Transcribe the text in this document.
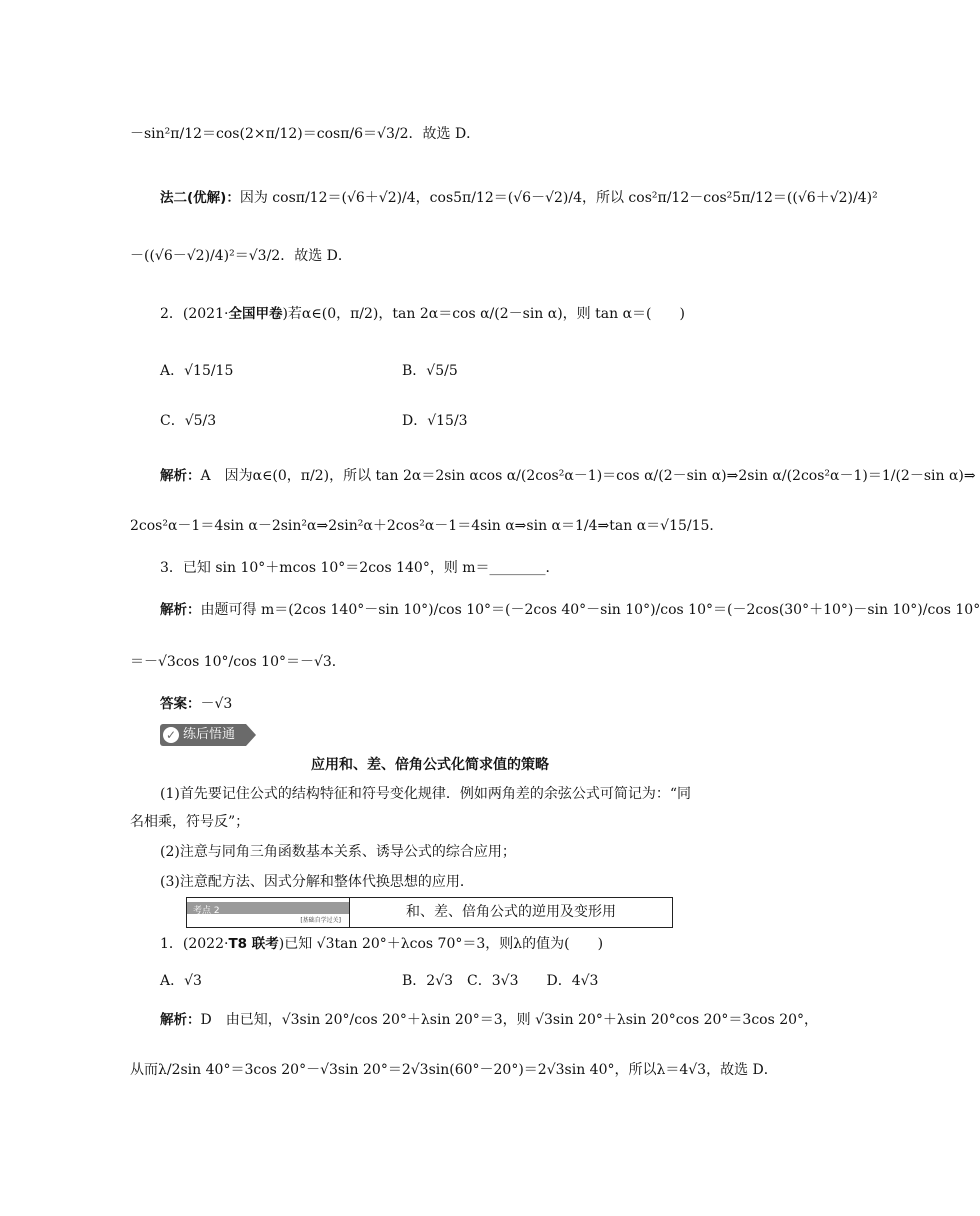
－sin²π/12＝cos(2×π/12)＝cosπ/6＝√3/2．故选 D．
法二(优解)：因为 cosπ/12＝(√6＋√2)/4，cos5π/12＝(√6－√2)/4，所以 cos²π/12－cos²5π/12＝((√6＋√2)/4)²
－((√6－√2)/4)²＝√3/2．故选 D．
2．(2021·全国甲卷)若α∈(0，π/2)，tan 2α＝cos α/(2－sin α)，则 tan α＝(　　)
A．√15/15	B．√5/5
C．√5/3	D．√15/3
解析：A　因为α∈(0，π/2)，所以 tan 2α＝2sin αcos α/(2cos²α－1)＝cos α/(2－sin α)⇒2sin α/(2cos²α－1)＝1/(2－sin α)⇒
2cos²α－1＝4sin α－2sin²α⇒2sin²α＋2cos²α－1＝4sin α⇒sin α＝1/4⇒tan α＝√15/15．
3．已知 sin 10°＋mcos 10°＝2cos 140°，则 m＝________．
解析：由题可得 m＝(2cos 140°－sin 10°)/cos 10°＝(－2cos 40°－sin 10°)/cos 10°＝(－2cos(30°＋10°)－sin 10°)/cos 10°
＝－√3cos 10°/cos 10°＝－√3．
答案：－√3
✓ 练后悟通
应用和、差、倍角公式化简求值的策略
(1)首先要记住公式的结构特征和符号变化规律．例如两角差的余弦公式可简记为：“同
名相乘，符号反”；
(2)注意与同角三角函数基本关系、诱导公式的综合应用；
(3)注意配方法、因式分解和整体代换思想的应用．
考点 2
[基础自学过关]
和、差、倍角公式的逆用及变形用
1．(2022·T8 联考)已知 √3tan 20°＋λcos 70°＝3，则λ的值为(　　)
A．√3	B．2√3　C．3√3　　D．4√3
解析：D　由已知，√3sin 20°/cos 20°＋λsin 20°＝3，则 √3sin 20°＋λsin 20°cos 20°＝3cos 20°，
从而λ/2sin 40°＝3cos 20°－√3sin 20°＝2√3sin(60°－20°)＝2√3sin 40°，所以λ＝4√3，故选 D．
